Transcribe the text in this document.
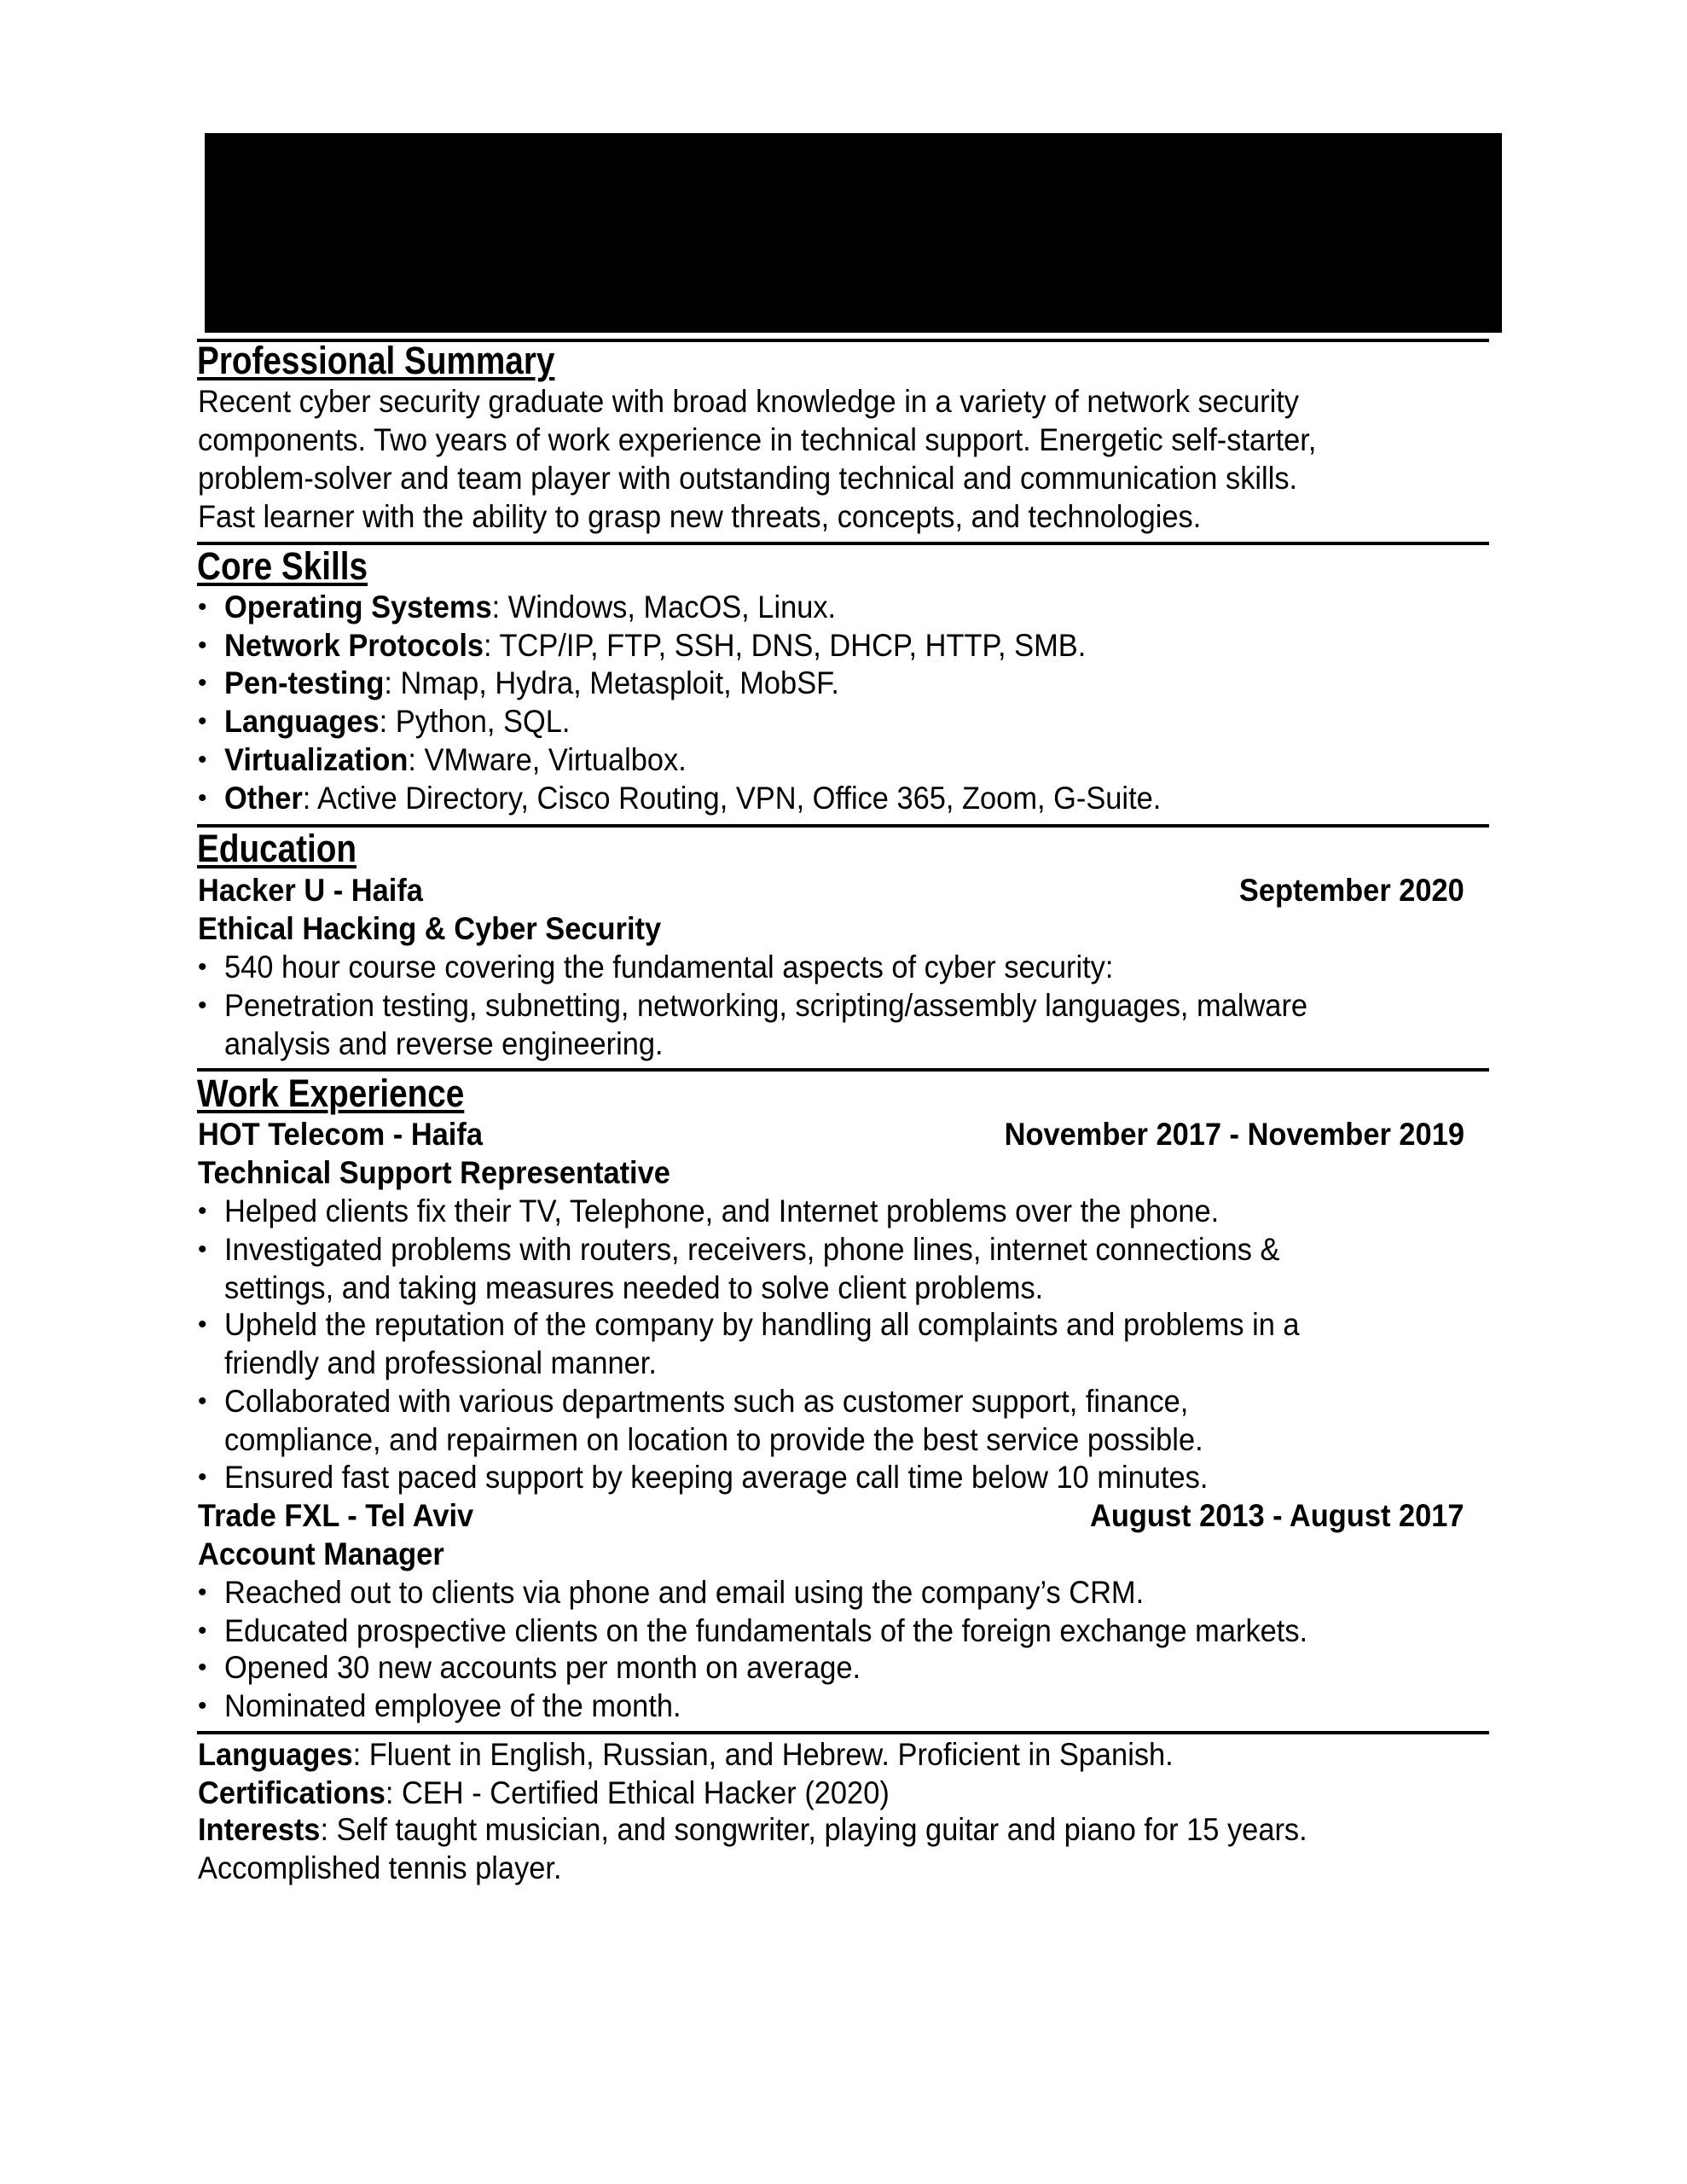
Professional Summary
Recent cyber security graduate with broad knowledge in a variety of network security
components. Two years of work experience in technical support. Energetic self-starter,
problem-solver and team player with outstanding technical and communication skills.
Fast learner with the ability to grasp new threats, concepts, and technologies.
Core Skills
• Operating Systems: Windows, MacOS, Linux.
• Network Protocols: TCP/IP, FTP, SSH, DNS, DHCP, HTTP, SMB.
• Pen-testing: Nmap, Hydra, Metasploit, MobSF.
• Languages: Python, SQL.
• Virtualization: VMware, Virtualbox.
• Other: Active Directory, Cisco Routing, VPN, Office 365, Zoom, G-Suite.
Education
Hacker U - Haifa	September 2020
Ethical Hacking & Cyber Security
• 540 hour course covering the fundamental aspects of cyber security:
• Penetration testing, subnetting, networking, scripting/assembly languages, malware
analysis and reverse engineering.
Work Experience
HOT Telecom - Haifa	November 2017 - November 2019
Technical Support Representative
• Helped clients fix their TV, Telephone, and Internet problems over the phone.
• Investigated problems with routers, receivers, phone lines, internet connections &
settings, and taking measures needed to solve client problems.
• Upheld the reputation of the company by handling all complaints and problems in a
friendly and professional manner.
• Collaborated with various departments such as customer support, finance,
compliance, and repairmen on location to provide the best service possible.
• Ensured fast paced support by keeping average call time below 10 minutes.
Trade FXL - Tel Aviv	August 2013 - August 2017
Account Manager
• Reached out to clients via phone and email using the company’s CRM.
• Educated prospective clients on the fundamentals of the foreign exchange markets.
• Opened 30 new accounts per month on average.
• Nominated employee of the month.
Languages: Fluent in English, Russian, and Hebrew. Proficient in Spanish.
Certifications: CEH - Certified Ethical Hacker (2020)
Interests: Self taught musician, and songwriter, playing guitar and piano for 15 years.
Accomplished tennis player.
